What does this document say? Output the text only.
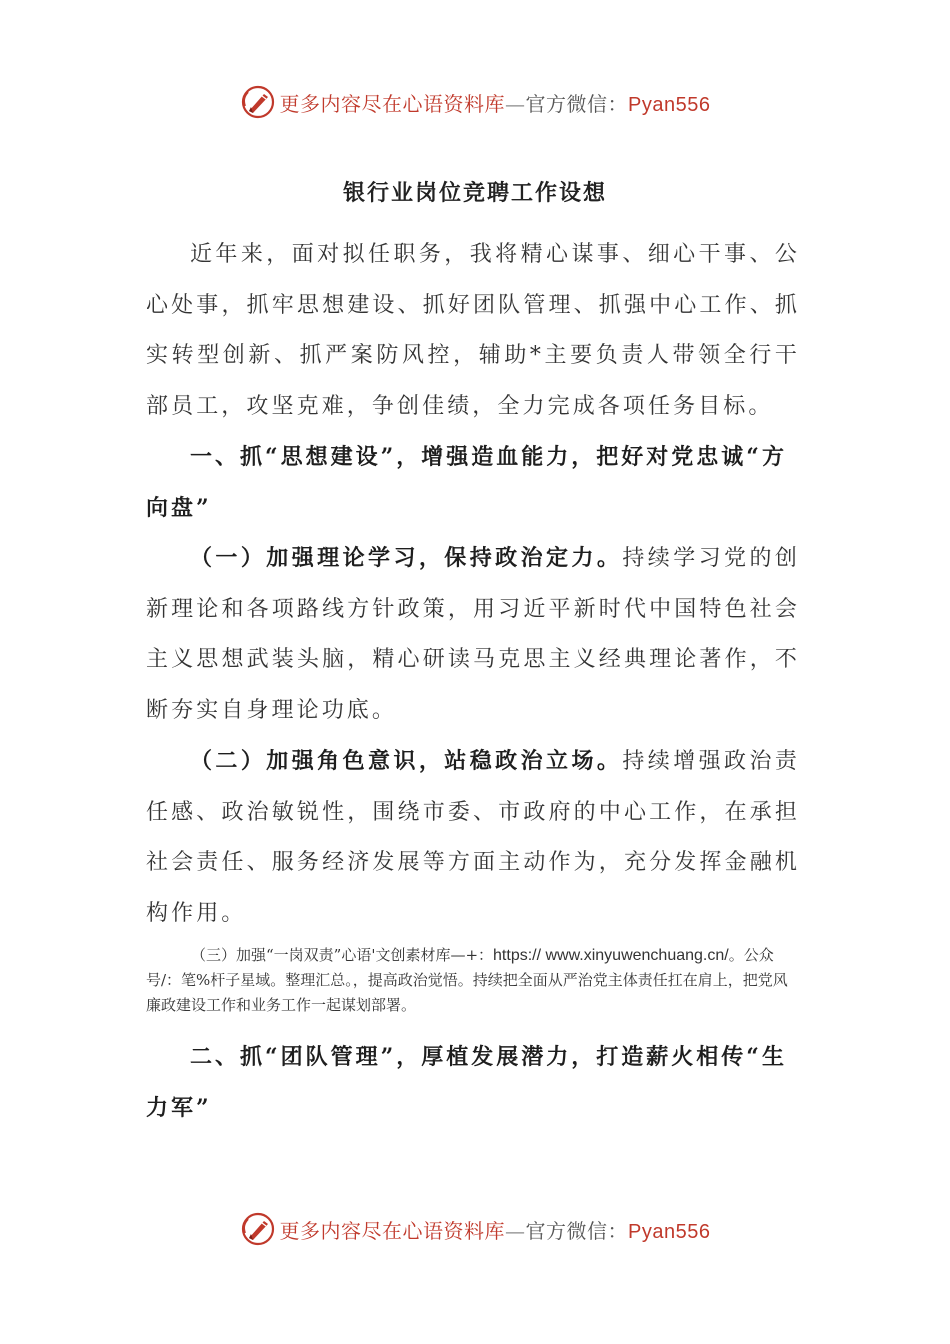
更多内容尽在心语资料库—官方微信：Pyan556
银行业岗位竞聘工作设想

近年来，面对拟任职务，我将精心谋事、细心干事、公心处事，抓牢思想建设、抓好团队管理、抓强中心工作、抓实转型创新、抓严案防风控，辅助*主要负责人带领全行干部员工，攻坚克难，争创佳绩，全力完成各项任务目标。

一、抓“思想建设”，增强造血能力，把好对党忠诚“方向盘”

（一）加强理论学习，保持政治定力。持续学习党的创新理论和各项路线方针政策，用习近平新时代中国特色社会主义思想武装头脑，精心研读马克思主义经典理论著作，不断夯实自身理论功底。

（二）加强角色意识，站稳政治立场。持续增强政治责任感、政治敏锐性，围绕市委、市政府的中心工作，在承担社会责任、服务经济发展等方面主动作为，充分发挥金融机构作用。

（三）加强“一岗双责”心语'文创素材库—+：https:// www.xinyuwenchuang.cn/。公众号/：笔%杆子星域。整理汇总。，提高政治觉悟。持续把全面从严治党主体责任扛在肩上，把党风廉政建设工作和业务工作一起谋划部署。

二、抓“团队管理”，厚植发展潜力，打造薪火相传“生力军”

更多内容尽在心语资料库—官方微信：Pyan556
